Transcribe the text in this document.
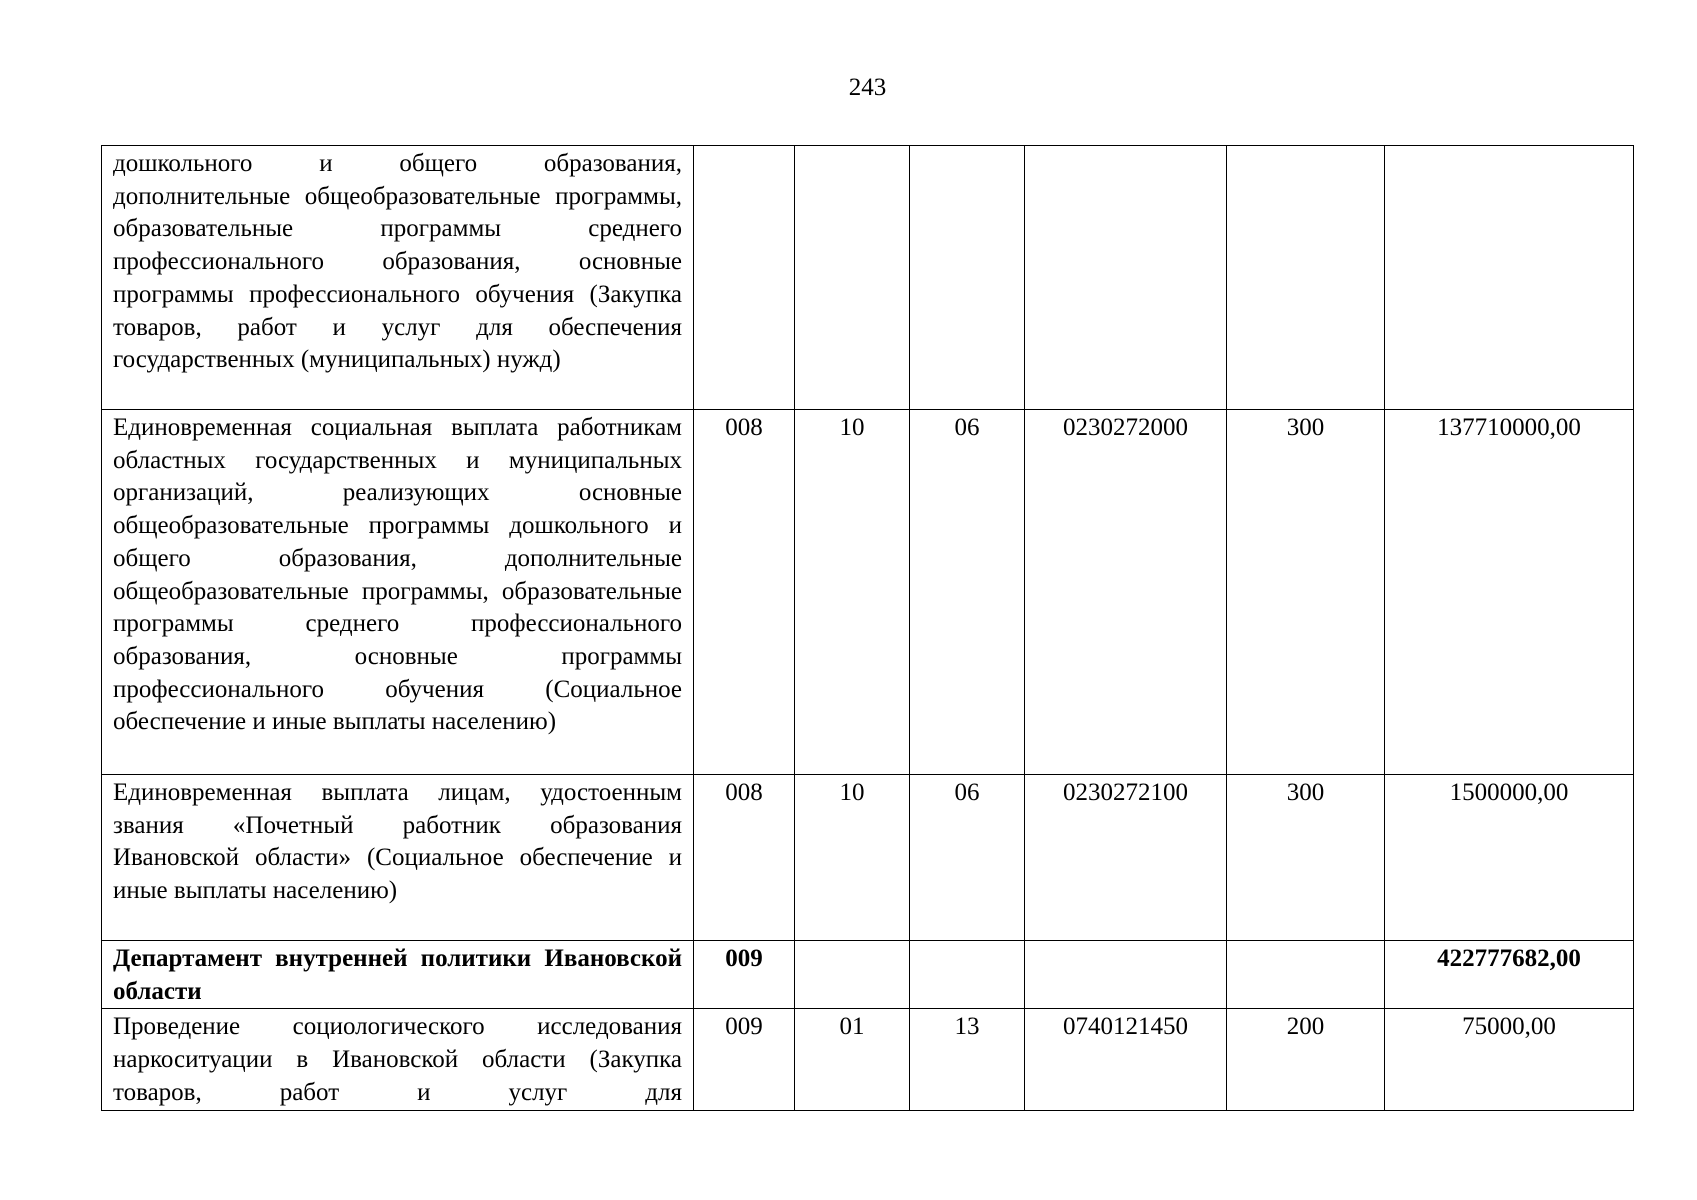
243
дошкольного и общего образования, дополнительные общеобразовательные программы, образовательные программы среднего профессионального образования, основные программы профессионального обучения (Закупка товаров, работ и услуг для обеспечения государственных (муниципальных) нужд)						
Единовременная социальная выплата работникам областных государственных и муниципальных организаций, реализующих основные общеобразовательные программы дошкольного и общего образования, дополнительные общеобразовательные программы, образовательные программы среднего профессионального образования, основные программы профессионального обучения (Социальное обеспечение и иные выплаты населению)	008	10	06	0230272000	300	137710000,00
Единовременная выплата лицам, удостоенным звания «Почетный работник образования Ивановской области» (Социальное обеспечение и иные выплаты населению)	008	10	06	0230272100	300	1500000,00
Департамент внутренней политики Ивановской области	009					422777682,00
Проведение социологического исследования наркоситуации в Ивановской области (Закупка товаров, работ и услуг для	009	01	13	0740121450	200	75000,00
